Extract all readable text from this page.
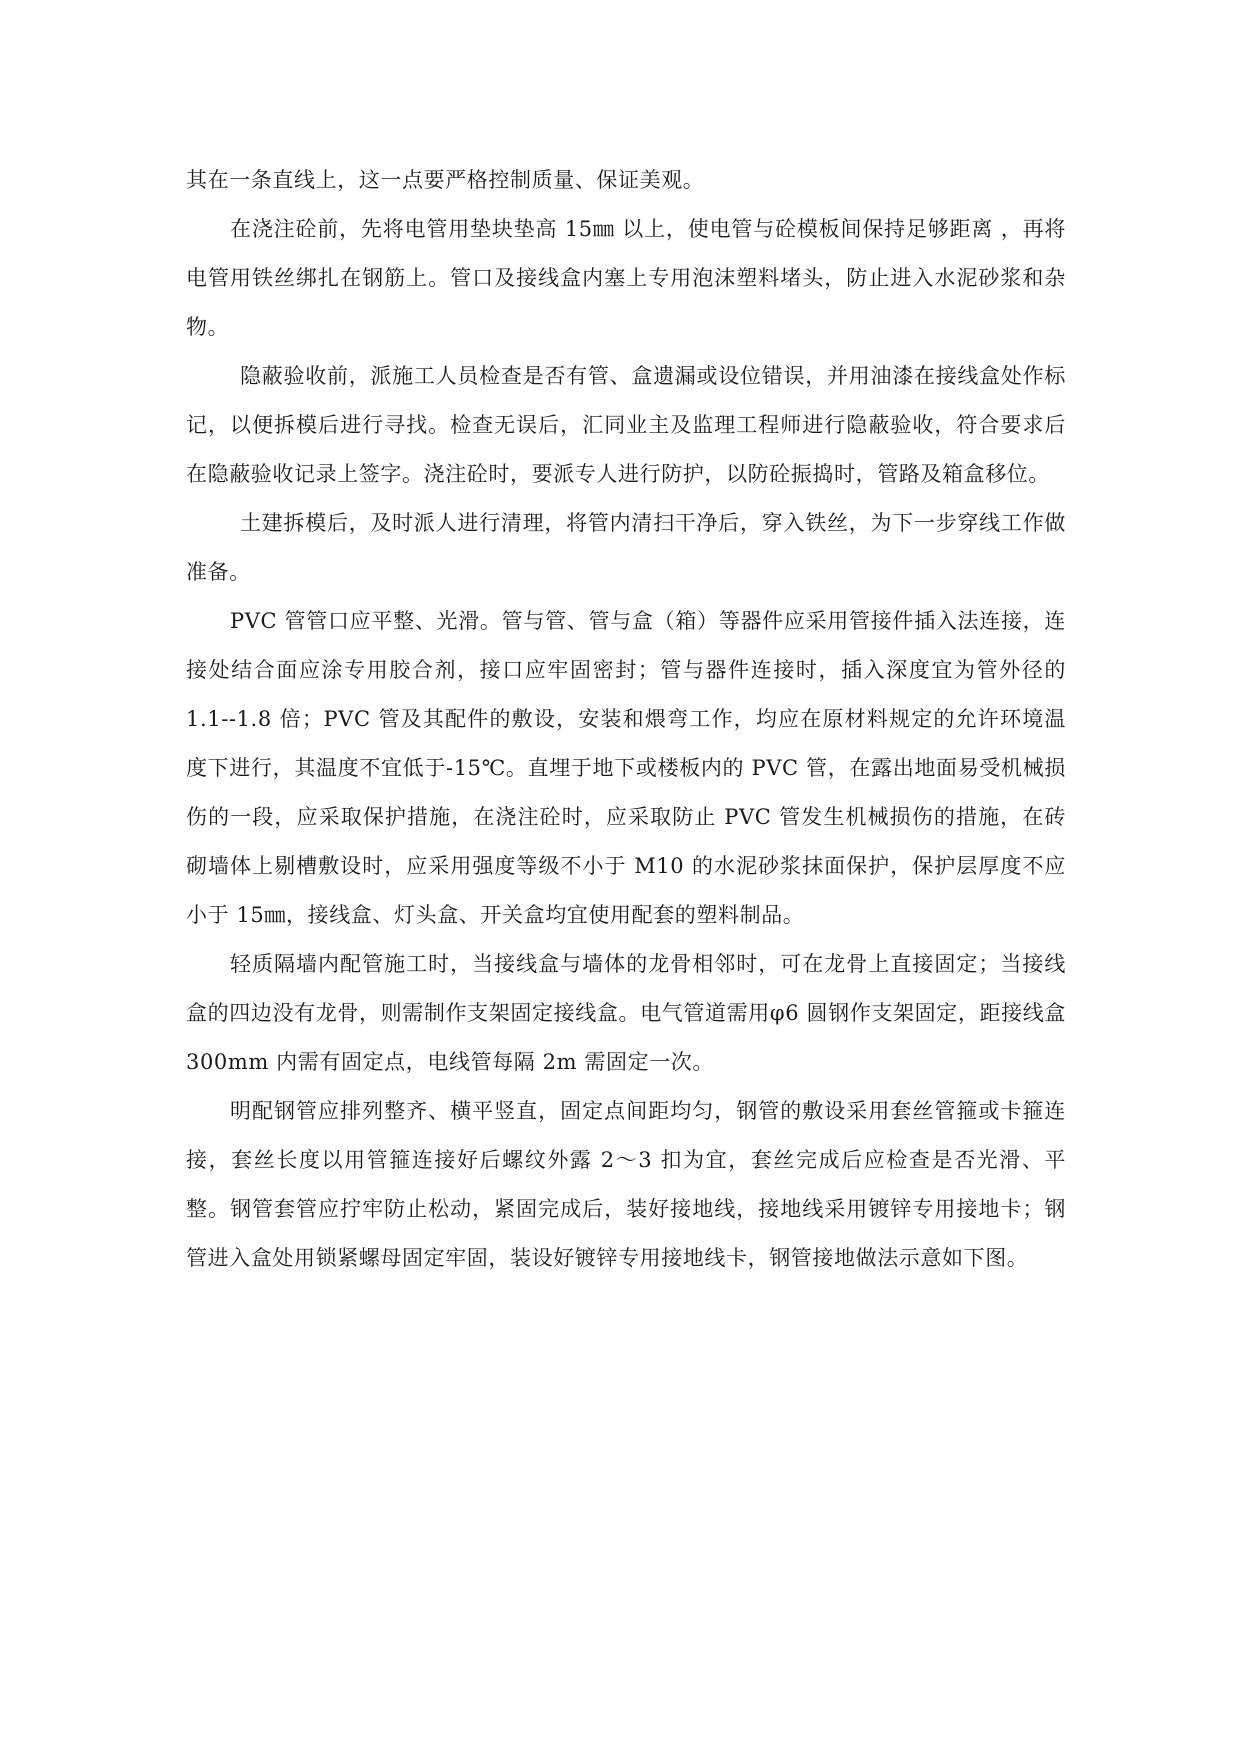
其在一条直线上，这一点要严格控制质量、保证美观。

在浇注砼前，先将电管用垫块垫高 15㎜ 以上，使电管与砼模板间保持足够距离 ，再将电管用铁丝绑扎在钢筋上。管口及接线盒内塞上专用泡沫塑料堵头，防止进入水泥砂浆和杂物。

隐蔽验收前，派施工人员检查是否有管、盒遗漏或设位错误，并用油漆在接线盒处作标记，以便拆模后进行寻找。检查无误后，汇同业主及监理工程师进行隐蔽验收，符合要求后在隐蔽验收记录上签字。浇注砼时，要派专人进行防护，以防砼振捣时，管路及箱盒移位。

土建拆模后，及时派人进行清理，将管内清扫干净后，穿入铁丝，为下一步穿线工作做准备。

PVC 管管口应平整、光滑。管与管、管与盒（箱）等器件应采用管接件插入法连接，连接处结合面应涂专用胶合剂，接口应牢固密封；管与器件连接时，插入深度宜为管外径的 1.1--1.8 倍；PVC 管及其配件的敷设，安装和煨弯工作，均应在原材料规定的允许环境温度下进行，其温度不宜低于-15℃。直埋于地下或楼板内的 PVC 管，在露出地面易受机械损伤的一段，应采取保护措施，在浇注砼时，应采取防止 PVC 管发生机械损伤的措施，在砖砌墙体上剔槽敷设时，应采用强度等级不小于 M10 的水泥砂浆抹面保护，保护层厚度不应小于 15㎜，接线盒、灯头盒、开关盒均宜使用配套的塑料制品。

轻质隔墙内配管施工时，当接线盒与墙体的龙骨相邻时，可在龙骨上直接固定；当接线盒的四边没有龙骨，则需制作支架固定接线盒。电气管道需用φ6 圆钢作支架固定，距接线盒 300mm 内需有固定点，电线管每隔 2m 需固定一次。

明配钢管应排列整齐、横平竖直，固定点间距均匀，钢管的敷设采用套丝管箍或卡箍连接，套丝长度以用管箍连接好后螺纹外露 2～3 扣为宜，套丝完成后应检查是否光滑、平整。钢管套管应拧牢防止松动，紧固完成后，装好接地线，接地线采用镀锌专用接地卡；钢管进入盒处用锁紧螺母固定牢固，装设好镀锌专用接地线卡，钢管接地做法示意如下图。
